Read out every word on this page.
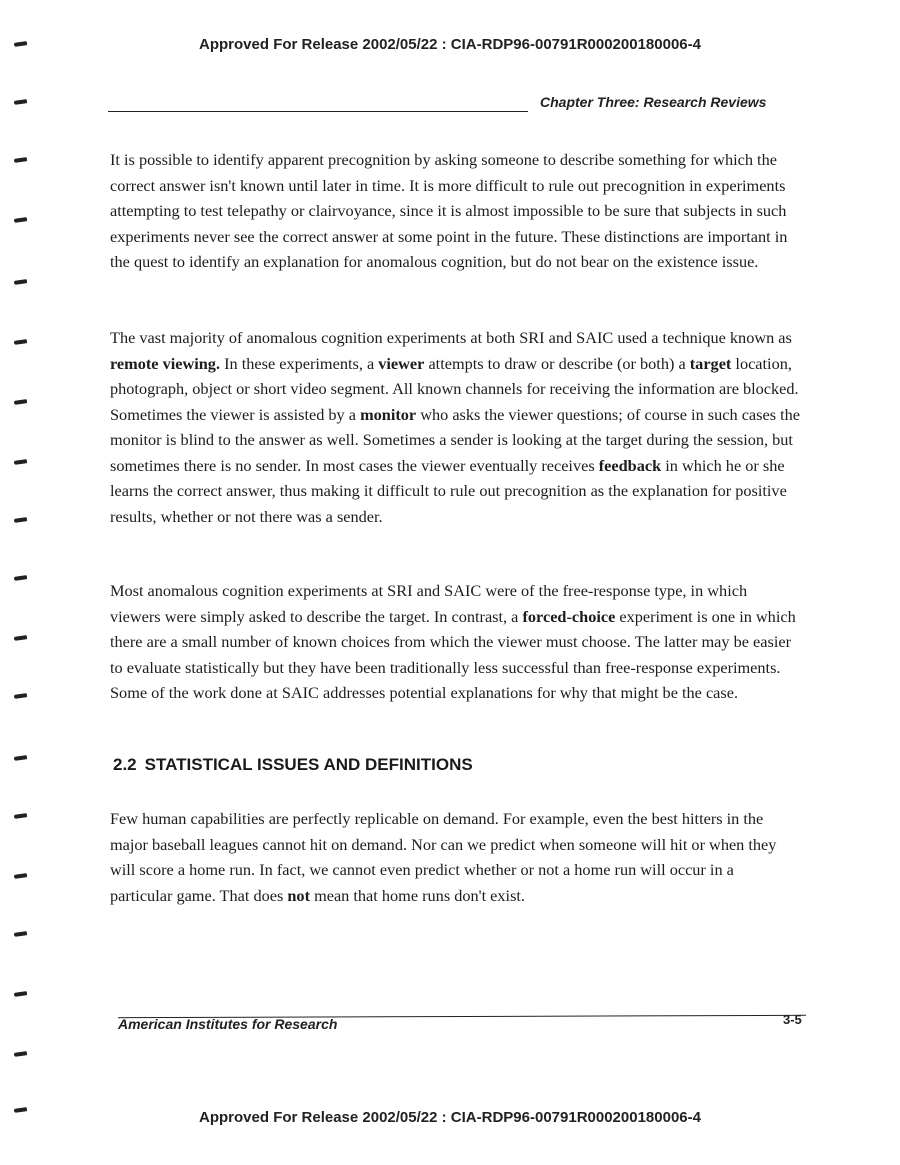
Approved For Release 2002/05/22 : CIA-RDP96-00791R000200180006-4
Chapter Three: Research Reviews

It is possible to identify apparent precognition by asking someone to describe something for which the correct answer isn't known until later in time. It is more difficult to rule out precognition in experiments attempting to test telepathy or clairvoyance, since it is almost impossible to be sure that subjects in such experiments never see the correct answer at some point in the future. These distinctions are important in the quest to identify an explanation for anomalous cognition, but do not bear on the existence issue.

The vast majority of anomalous cognition experiments at both SRI and SAIC used a technique known as remote viewing. In these experiments, a viewer attempts to draw or describe (or both) a target location, photograph, object or short video segment. All known channels for receiving the information are blocked. Sometimes the viewer is assisted by a monitor who asks the viewer questions; of course in such cases the monitor is blind to the answer as well. Sometimes a sender is looking at the target during the session, but sometimes there is no sender. In most cases the viewer eventually receives feedback in which he or she learns the correct answer, thus making it difficult to rule out precognition as the explanation for positive results, whether or not there was a sender.

Most anomalous cognition experiments at SRI and SAIC were of the free-response type, in which viewers were simply asked to describe the target. In contrast, a forced-choice experiment is one in which there are a small number of known choices from which the viewer must choose. The latter may be easier to evaluate statistically but they have been traditionally less successful than free-response experiments. Some of the work done at SAIC addresses potential explanations for why that might be the case.

2.2 STATISTICAL ISSUES AND DEFINITIONS

Few human capabilities are perfectly replicable on demand. For example, even the best hitters in the major baseball leagues cannot hit on demand. Nor can we predict when someone will hit or when they will score a home run. In fact, we cannot even predict whether or not a home run will occur in a particular game. That does not mean that home runs don't exist.

American Institutes for Research	3-5
Approved For Release 2002/05/22 : CIA-RDP96-00791R000200180006-4
